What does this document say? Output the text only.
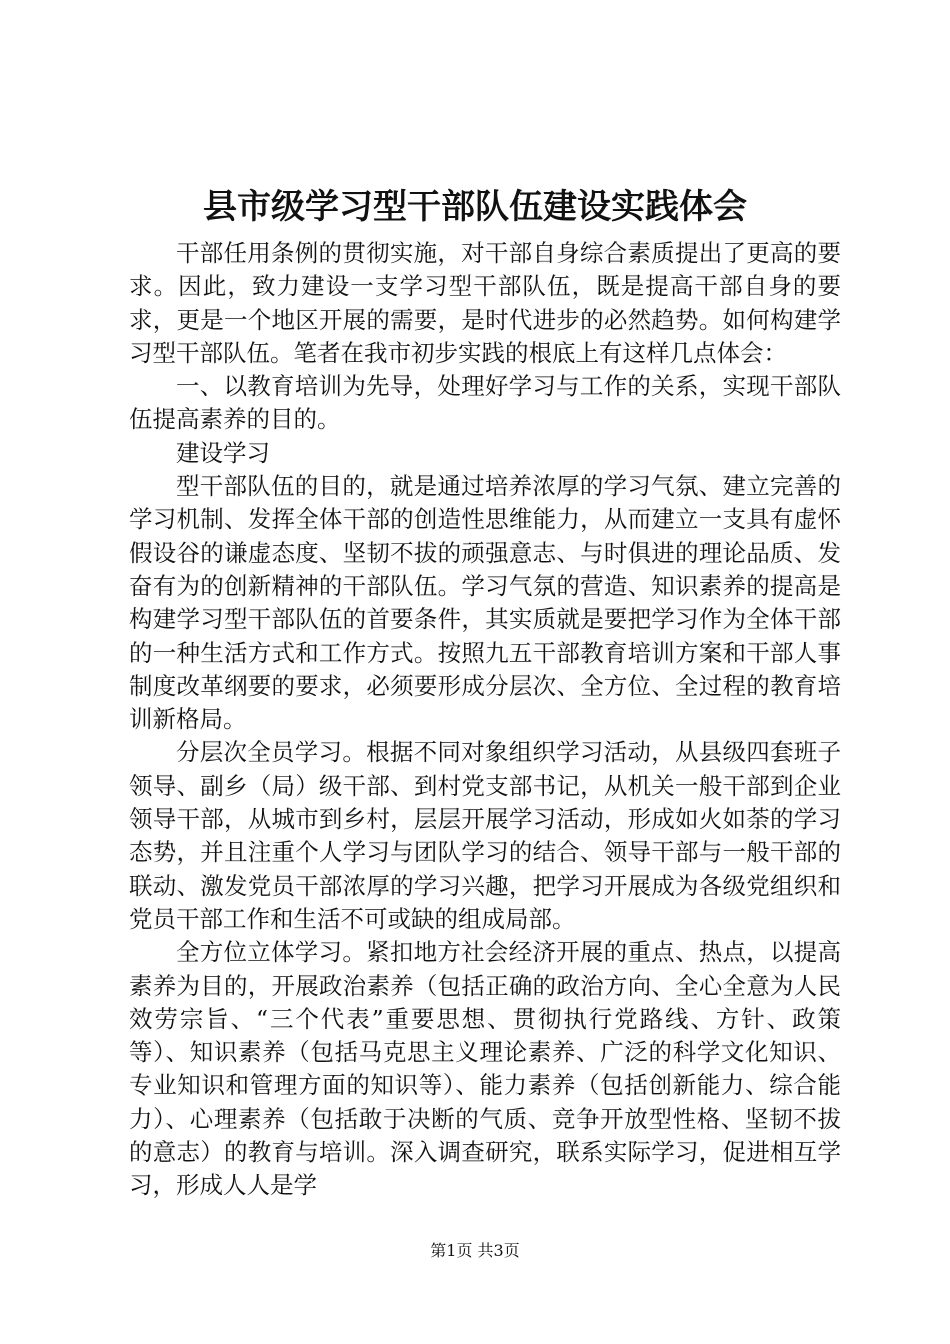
县市级学习型干部队伍建设实践体会

干部任用条例的贯彻实施，对干部自身综合素质提出了更高的要求。因此，致力建设一支学习型干部队伍，既是提高干部自身的要求，更是一个地区开展的需要，是时代进步的必然趋势。如何构建学习型干部队伍。笔者在我市初步实践的根底上有这样几点体会：

一、以教育培训为先导，处理好学习与工作的关系，实现干部队伍提高素养的目的。

建设学习

型干部队伍的目的，就是通过培养浓厚的学习气氛、建立完善的学习机制、发挥全体干部的创造性思维能力，从而建立一支具有虚怀假设谷的谦虚态度、坚韧不拔的顽强意志、与时俱进的理论品质、发奋有为的创新精神的干部队伍。学习气氛的营造、知识素养的提高是构建学习型干部队伍的首要条件，其实质就是要把学习作为全体干部的一种生活方式和工作方式。按照九五干部教育培训方案和干部人事制度改革纲要的要求，必须要形成分层次、全方位、全过程的教育培训新格局。

分层次全员学习。根据不同对象组织学习活动，从县级四套班子领导、副乡（局）级干部、到村党支部书记，从机关一般干部到企业领导干部，从城市到乡村，层层开展学习活动，形成如火如荼的学习态势，并且注重个人学习与团队学习的结合、领导干部与一般干部的联动、激发党员干部浓厚的学习兴趣，把学习开展成为各级党组织和党员干部工作和生活不可或缺的组成局部。

全方位立体学习。紧扣地方社会经济开展的重点、热点，以提高素养为目的，开展政治素养（包括正确的政治方向、全心全意为人民效劳宗旨、“三个代表”重要思想、贯彻执行党路线、方针、政策等）、知识素养（包括马克思主义理论素养、广泛的科学文化知识、专业知识和管理方面的知识等）、能力素养（包括创新能力、综合能力）、心理素养（包括敢于决断的气质、竞争开放型性格、坚韧不拔的意志）的教育与培训。深入调查研究，联系实际学习，促进相互学习，形成人人是学

第1页 共3页
